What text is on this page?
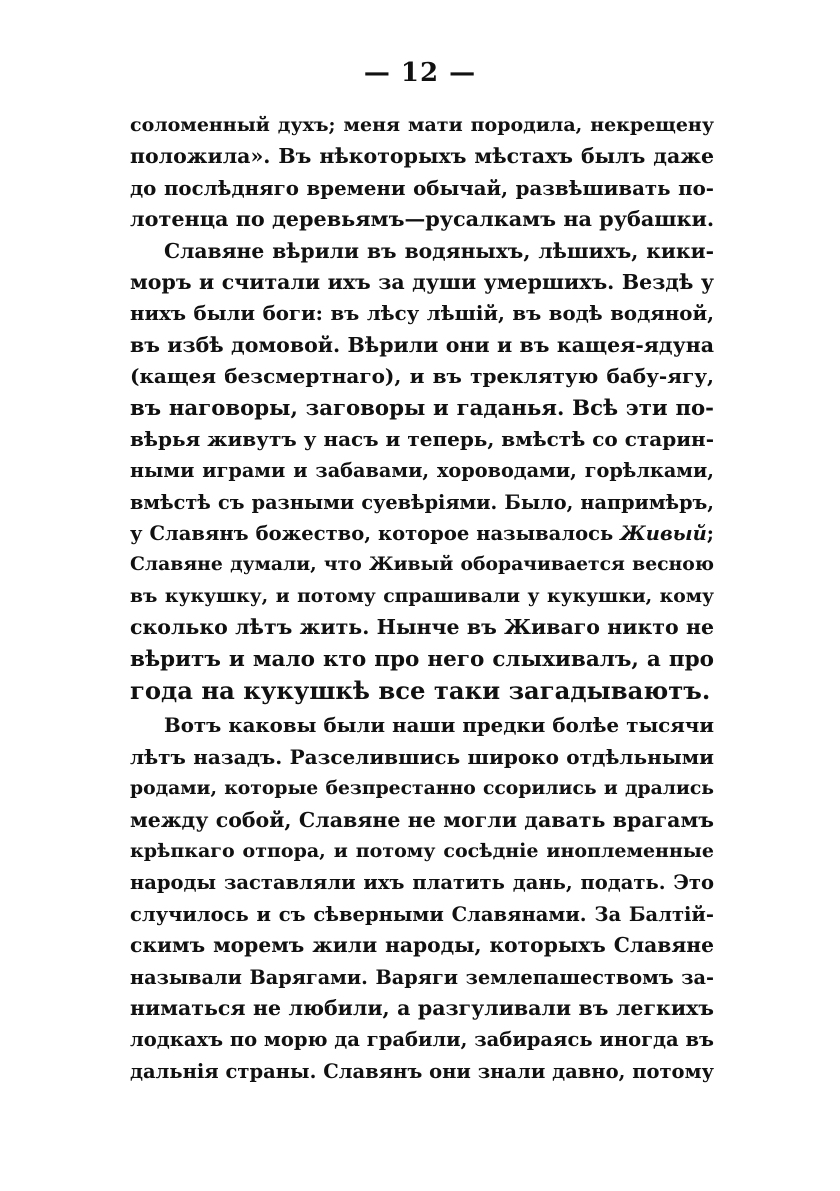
— 12 —
соломенный духъ; меня мати породила, некрещену
положила». Въ нѣкоторыхъ мѣстахъ былъ даже
до послѣдняго времени обычай, развѣшивать по-
лотенца по деревьямъ—русалкамъ на рубашки.
Славяне вѣрили въ водяныхъ, лѣшихъ, кики-
моръ и считали ихъ за души умершихъ. Вездѣ у
нихъ были боги: въ лѣсу лѣшій, въ водѣ водяной,
въ избѣ домовой. Вѣрили они и въ кащея-ядуна
(кащея безсмертнаго), и въ треклятую бабу-ягу,
въ наговоры, заговоры и гаданья. Всѣ эти по-
вѣрья живутъ у насъ и теперь, вмѣстѣ со старин-
ными играми и забавами, хороводами, горѣлками,
вмѣстѣ съ разными суевѣріями. Было, напримѣръ,
у Славянъ божество, которое называлось Живый;
Славяне думали, что Живый оборачивается весною
въ кукушку, и потому спрашивали у кукушки, кому
сколько лѣтъ жить. Нынче въ Живаго никто не
вѣритъ и мало кто про него слыхивалъ, а про
года на кукушкѣ все таки загадываютъ.
Вотъ каковы были наши предки болѣе тысячи
лѣтъ назадъ. Разселившись широко отдѣльными
родами, которые безпрестанно ссорились и дрались
между собой, Славяне не могли давать врагамъ
крѣпкаго отпора, и потому сосѣдніе иноплеменные
народы заставляли ихъ платить дань, подать. Это
случилось и съ сѣверными Славянами. За Балтій-
скимъ моремъ жили народы, которыхъ Славяне
называли Варягами. Варяги землепашествомъ за-
ниматься не любили, а разгуливали въ легкихъ
лодкахъ по морю да грабили, забираясь иногда въ
дальнія страны. Славянъ они знали давно, потому
